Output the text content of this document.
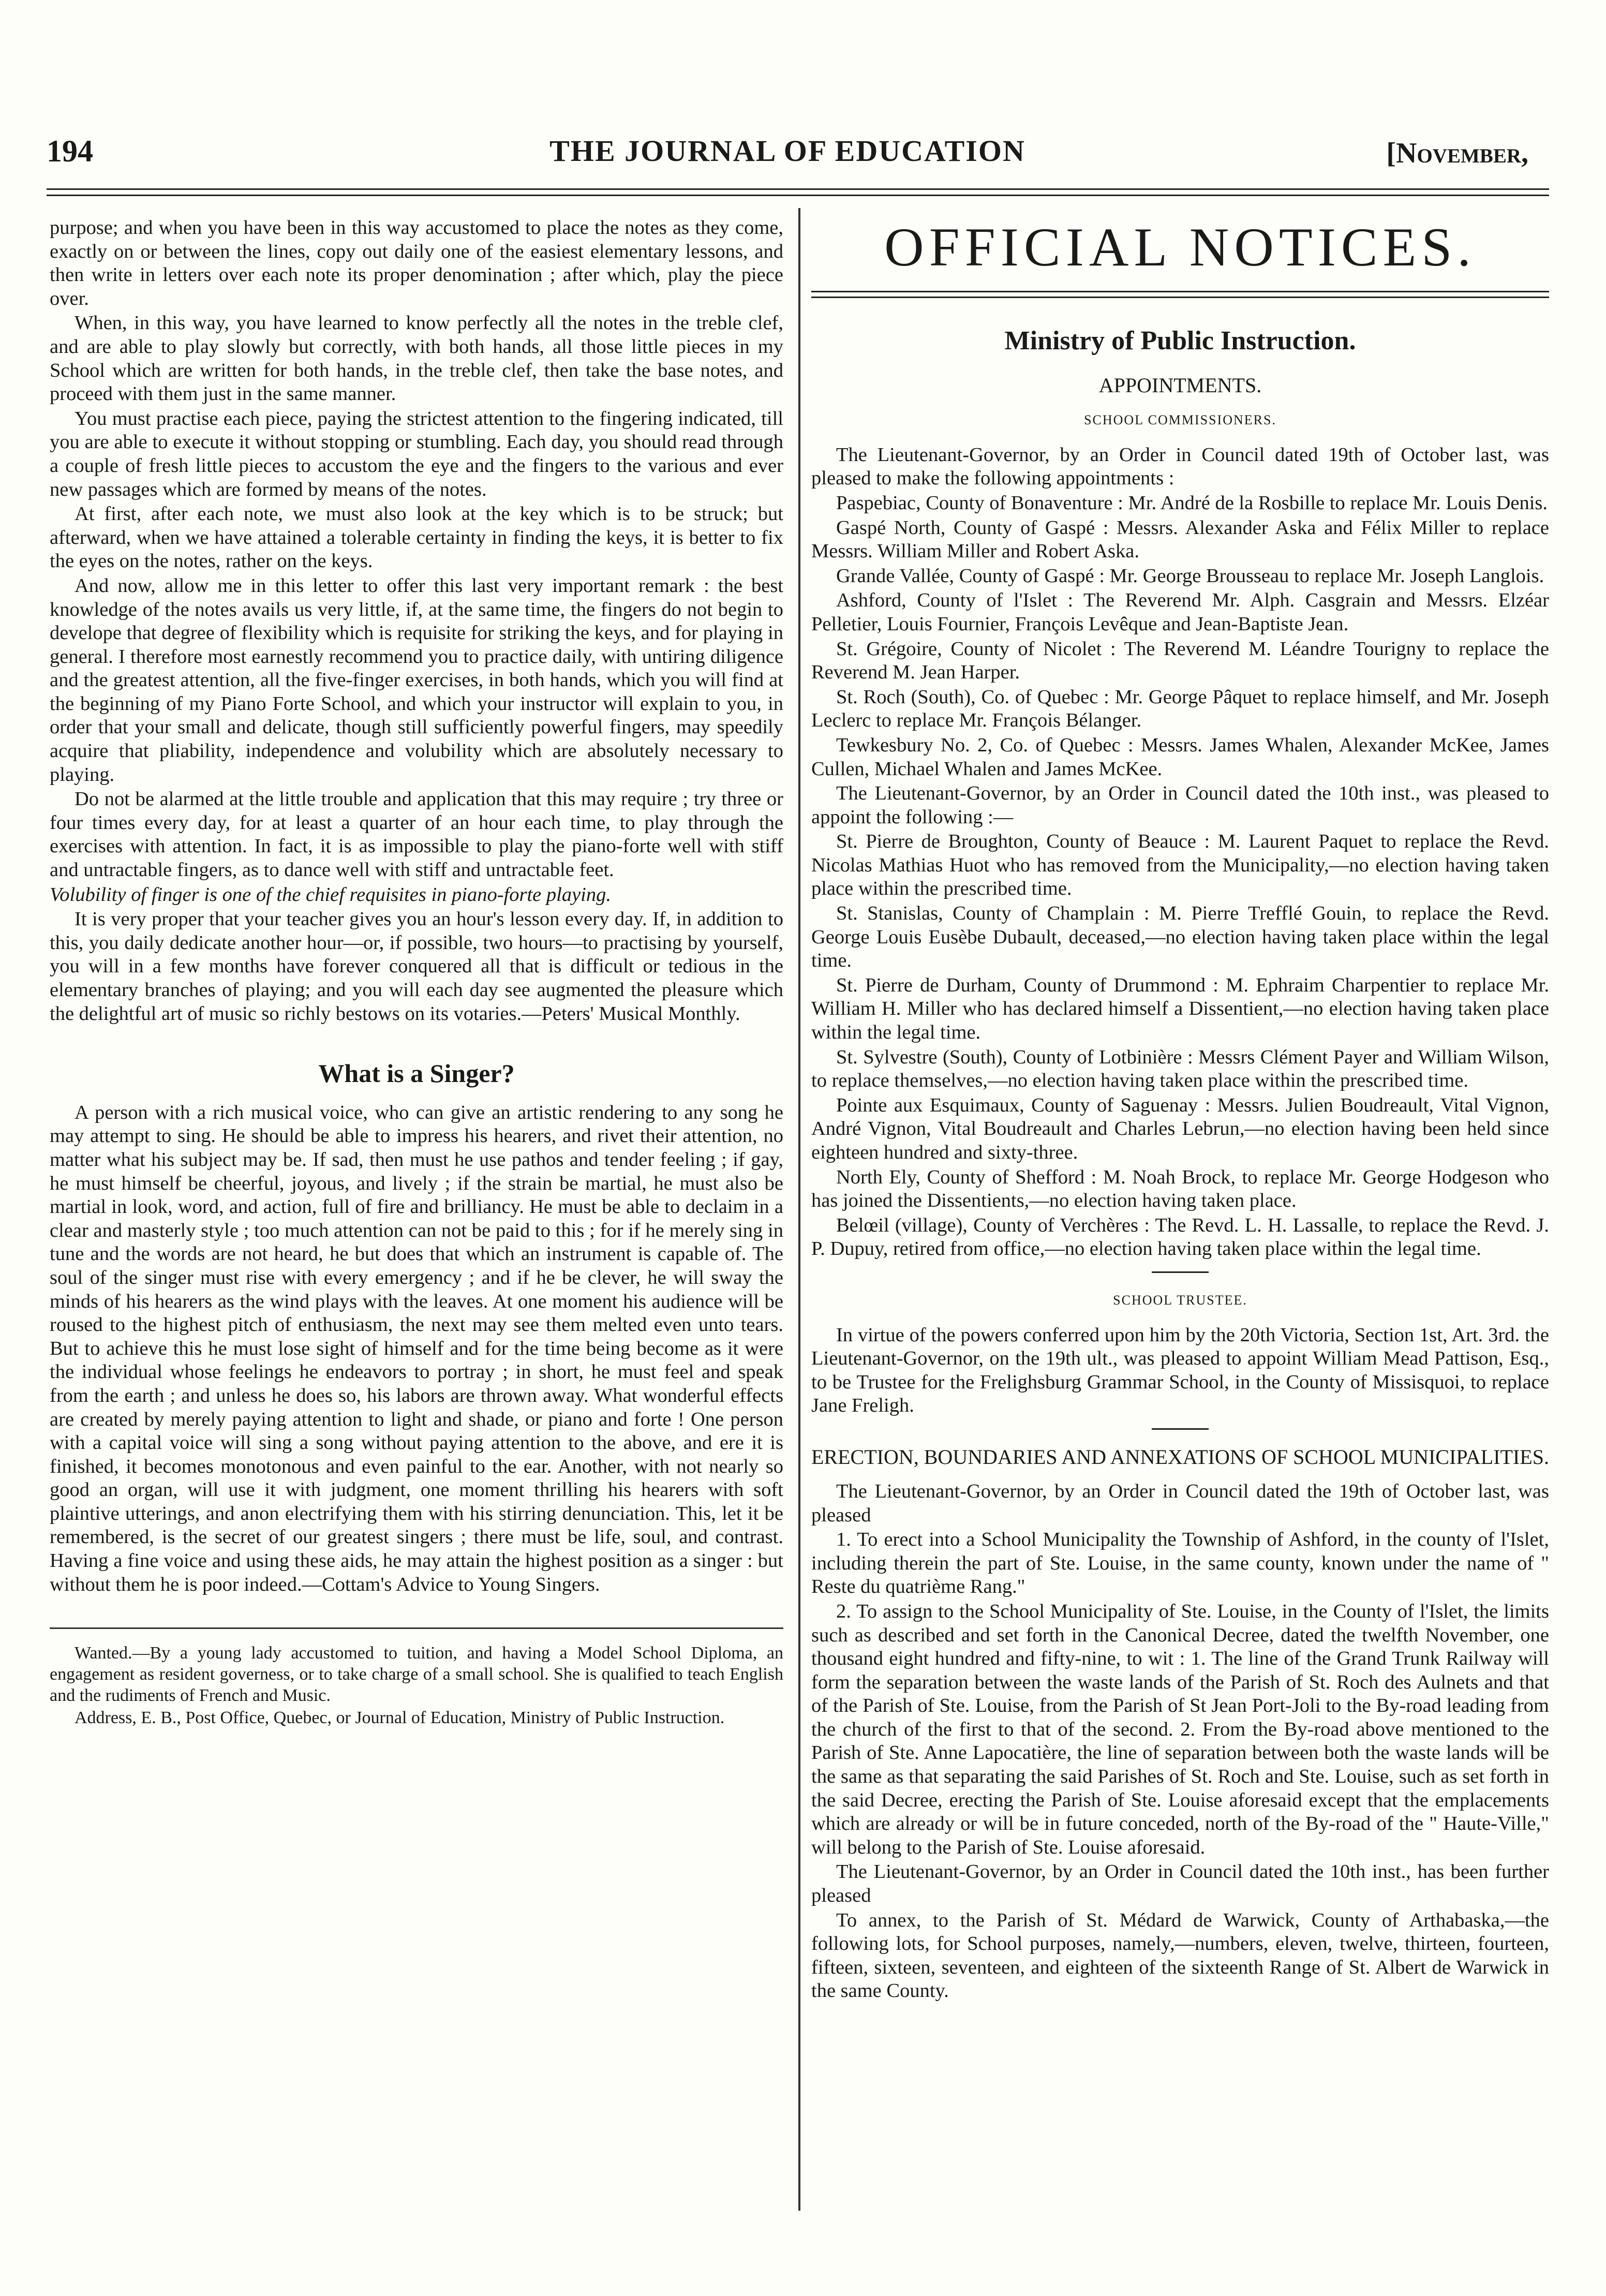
194	THE JOURNAL OF EDUCATION	[November,

purpose; and when you have been in this way accustomed to place the notes as they come, exactly on or between the lines, copy out daily one of the easiest elementary lessons, and then write in letters over each note its proper denomination ; after which, play the piece over.

When, in this way, you have learned to know perfectly all the notes in the treble clef, and are able to play slowly but correctly, with both hands, all those little pieces in my School which are written for both hands, in the treble clef, then take the base notes, and proceed with them just in the same manner.

You must practise each piece, paying the strictest attention to the fingering indicated, till you are able to execute it without stopping or stumbling. Each day, you should read through a couple of fresh little pieces to accustom the eye and the fingers to the various and ever new passages which are formed by means of the notes.

At first, after each note, we must also look at the key which is to be struck; but afterward, when we have attained a tolerable certainty in finding the keys, it is better to fix the eyes on the notes, rather on the keys.

And now, allow me in this letter to offer this last very important remark : the best knowledge of the notes avails us very little, if, at the same time, the fingers do not begin to develope that degree of flexibility which is requisite for striking the keys, and for playing in general. I therefore most earnestly recommend you to practice daily, with untiring diligence and the greatest attention, all the five-finger exercises, in both hands, which you will find at the beginning of my Piano Forte School, and which your instructor will explain to you, in order that your small and delicate, though still sufficiently powerful fingers, may speedily acquire that pliability, independence and volubility which are absolutely necessary to playing.

Do not be alarmed at the little trouble and application that this may require ; try three or four times every day, for at least a quarter of an hour each time, to play through the exercises with attention. In fact, it is as impossible to play the piano-forte well with stiff and untractable fingers, as to dance well with stiff and untractable feet.

Volubility of finger is one of the chief requisites in piano-forte playing.

It is very proper that your teacher gives you an hour's lesson every day. If, in addition to this, you daily dedicate another hour—or, if possible, two hours—to practising by yourself, you will in a few months have forever conquered all that is difficult or tedious in the elementary branches of playing; and you will each day see augmented the pleasure which the delightful art of music so richly bestows on its votaries.—Peters' Musical Monthly.

What is a Singer?

A person with a rich musical voice, who can give an artistic rendering to any song he may attempt to sing. He should be able to impress his hearers, and rivet their attention, no matter what his subject may be. If sad, then must he use pathos and tender feeling ; if gay, he must himself be cheerful, joyous, and lively ; if the strain be martial, he must also be martial in look, word, and action, full of fire and brilliancy. He must be able to declaim in a clear and masterly style ; too much attention can not be paid to this ; for if he merely sing in tune and the words are not heard, he but does that which an instrument is capable of. The soul of the singer must rise with every emergency ; and if he be clever, he will sway the minds of his hearers as the wind plays with the leaves. At one moment his audience will be roused to the highest pitch of enthusiasm, the next may see them melted even unto tears. But to achieve this he must lose sight of himself and for the time being become as it were the individual whose feelings he endeavors to portray ; in short, he must feel and speak from the earth ; and unless he does so, his labors are thrown away. What wonderful effects are created by merely paying attention to light and shade, or piano and forte ! One person with a capital voice will sing a song without paying attention to the above, and ere it is finished, it becomes monotonous and even painful to the ear. Another, with not nearly so good an organ, will use it with judgment, one moment thrilling his hearers with soft plaintive utterings, and anon electrifying them with his stirring denunciation. This, let it be remembered, is the secret of our greatest singers ; there must be life, soul, and contrast. Having a fine voice and using these aids, he may attain the highest position as a singer : but without them he is poor indeed.—Cottam's Advice to Young Singers.

Wanted.—By a young lady accustomed to tuition, and having a Model School Diploma, an engagement as resident governess, or to take charge of a small school. She is qualified to teach English and the rudiments of French and Music.

Address, E. B., Post Office, Quebec, or Journal of Education, Ministry of Public Instruction.

OFFICIAL NOTICES.
Ministry of Public Instruction.
APPOINTMENTS.
SCHOOL COMMISSIONERS.

The Lieutenant-Governor, by an Order in Council dated 19th of October last, was pleased to make the following appointments :

Paspebiac, County of Bonaventure : Mr. André de la Rosbille to replace Mr. Louis Denis.

Gaspé North, County of Gaspé : Messrs. Alexander Aska and Félix Miller to replace Messrs. William Miller and Robert Aska.

Grande Vallée, County of Gaspé : Mr. George Brousseau to replace Mr. Joseph Langlois.

Ashford, County of l'Islet : The Reverend Mr. Alph. Casgrain and Messrs. Elzéar Pelletier, Louis Fournier, François Levêque and Jean-Baptiste Jean.

St. Grégoire, County of Nicolet : The Reverend M. Léandre Tourigny to replace the Reverend M. Jean Harper.

St. Roch (South), Co. of Quebec : Mr. George Pâquet to replace himself, and Mr. Joseph Leclerc to replace Mr. François Bélanger.

Tewkesbury No. 2, Co. of Quebec : Messrs. James Whalen, Alexander McKee, James Cullen, Michael Whalen and James McKee.

The Lieutenant-Governor, by an Order in Council dated the 10th inst., was pleased to appoint the following :—

St. Pierre de Broughton, County of Beauce : M. Laurent Paquet to replace the Revd. Nicolas Mathias Huot who has removed from the Municipality,—no election having taken place within the prescribed time.

St. Stanislas, County of Champlain : M. Pierre Trefflé Gouin, to replace the Revd. George Louis Eusèbe Dubault, deceased,—no election having taken place within the legal time.

St. Pierre de Durham, County of Drummond : M. Ephraim Charpentier to replace Mr. William H. Miller who has declared himself a Dissentient,—no election having taken place within the legal time.

St. Sylvestre (South), County of Lotbinière : Messrs Clément Payer and William Wilson, to replace themselves,—no election having taken place within the prescribed time.

Pointe aux Esquimaux, County of Saguenay : Messrs. Julien Boudreault, Vital Vignon, André Vignon, Vital Boudreault and Charles Lebrun,—no election having been held since eighteen hundred and sixty-three.

North Ely, County of Shefford : M. Noah Brock, to replace Mr. George Hodgeson who has joined the Dissentients,—no election having taken place.

Belœil (village), County of Verchères : The Revd. L. H. Lassalle, to replace the Revd. J. P. Dupuy, retired from office,—no election having taken place within the legal time.

SCHOOL TRUSTEE.

In virtue of the powers conferred upon him by the 20th Victoria, Section 1st, Art. 3rd. the Lieutenant-Governor, on the 19th ult., was pleased to appoint William Mead Pattison, Esq., to be Trustee for the Frelighsburg Grammar School, in the County of Missisquoi, to replace Jane Freligh.

ERECTION, BOUNDARIES AND ANNEXATIONS OF SCHOOL MUNICIPALITIES.

The Lieutenant-Governor, by an Order in Council dated the 19th of October last, was pleased

1. To erect into a School Municipality the Township of Ashford, in the county of l'Islet, including therein the part of Ste. Louise, in the same county, known under the name of " Reste du quatrième Rang."

2. To assign to the School Municipality of Ste. Louise, in the County of l'Islet, the limits such as described and set forth in the Canonical Decree, dated the twelfth November, one thousand eight hundred and fifty-nine, to wit : 1. The line of the Grand Trunk Railway will form the separation between the waste lands of the Parish of St. Roch des Aulnets and that of the Parish of Ste. Louise, from the Parish of St Jean Port-Joli to the By-road leading from the church of the first to that of the second. 2. From the By-road above mentioned to the Parish of Ste. Anne Lapocatière, the line of separation between both the waste lands will be the same as that separating the said Parishes of St. Roch and Ste. Louise, such as set forth in the said Decree, erecting the Parish of Ste. Louise aforesaid except that the emplacements which are already or will be in future conceded, north of the By-road of the " Haute-Ville," will belong to the Parish of Ste. Louise aforesaid.

The Lieutenant-Governor, by an Order in Council dated the 10th inst., has been further pleased

To annex, to the Parish of St. Médard de Warwick, County of Arthabaska,—the following lots, for School purposes, namely,—numbers, eleven, twelve, thirteen, fourteen, fifteen, sixteen, seventeen, and eighteen of the sixteenth Range of St. Albert de Warwick in the same County.
